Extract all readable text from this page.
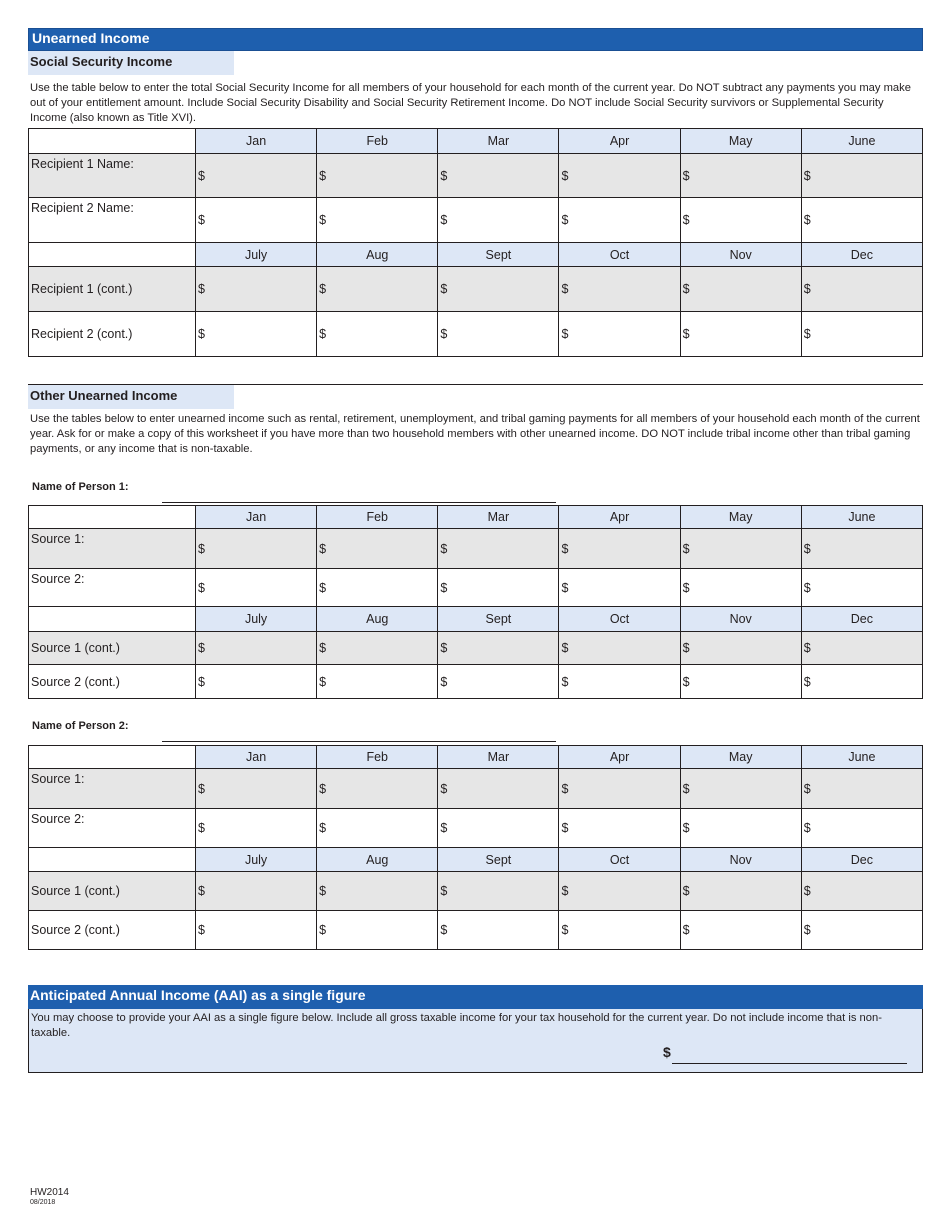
Unearned Income
Social Security Income
Use the table below to enter the total Social Security Income for all members of your household for each month of the current year. Do NOT subtract any payments you may make out of your entitlement amount. Include Social Security Disability and Social Security Retirement Income. Do NOT include Social Security survivors or Supplemental Security Income (also known as Title XVI).
	Jan	Feb	Mar	Apr	May	June
Recipient 1 Name:	$	$	$	$	$	$
Recipient 2 Name:	$	$	$	$	$	$
	July	Aug	Sept	Oct	Nov	Dec
Recipient 1 (cont.)	$	$	$	$	$	$
Recipient 2 (cont.)	$	$	$	$	$	$
Other Unearned Income
Use the tables below to enter unearned income such as rental, retirement, unemployment, and tribal gaming payments for all members of your household each month of the current year. Ask for or make a copy of this worksheet if you have more than two household members with other unearned income. DO NOT include tribal income other than tribal gaming payments, or any income that is non-taxable.
Name of Person 1:
	Jan	Feb	Mar	Apr	May	June
Source 1:	$	$	$	$	$	$
Source 2:	$	$	$	$	$	$
	July	Aug	Sept	Oct	Nov	Dec
Source 1 (cont.)	$	$	$	$	$	$
Source 2 (cont.)	$	$	$	$	$	$
Name of Person 2:
	Jan	Feb	Mar	Apr	May	June
Source 1:	$	$	$	$	$	$
Source 2:	$	$	$	$	$	$
	July	Aug	Sept	Oct	Nov	Dec
Source 1 (cont.)	$	$	$	$	$	$
Source 2 (cont.)	$	$	$	$	$	$
Anticipated Annual Income (AAI) as a single figure
You may choose to provide your AAI as a single figure below. Include all gross taxable income for your tax household for the current year. Do not include income that is non-taxable.
$
HW2014
08/2018
